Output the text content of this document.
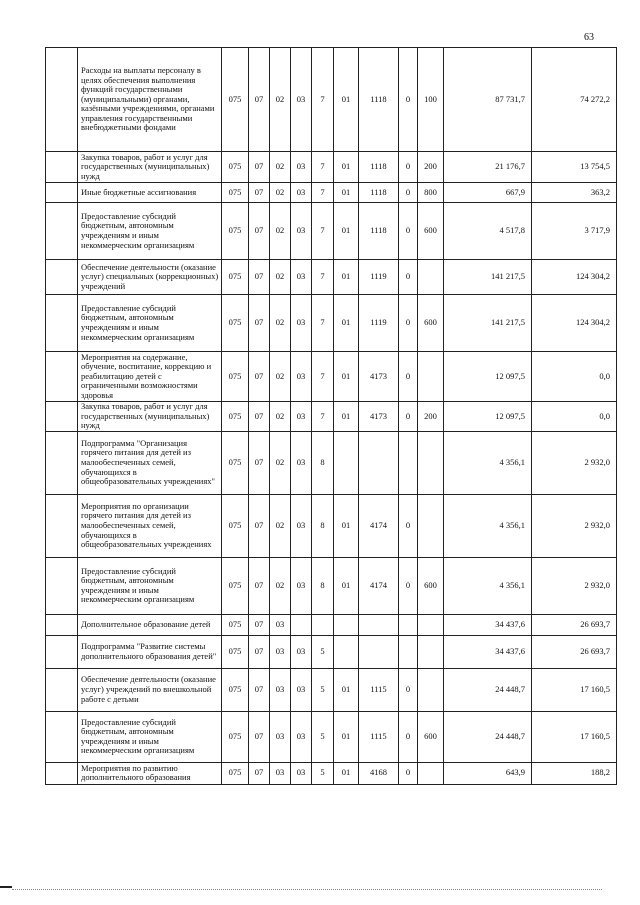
63
	Расходы на выплаты персоналу в целях обеспечения выполнения функций государственными (муниципальными) органами, казёнными учреждениями, органами управления государственными внебюджетными фондами	075	07	02	03	7	01	1118	0	100	87 731,7	74 272,2
	Закупка товаров, работ и услуг для государственных (муниципальных) нужд	075	07	02	03	7	01	1118	0	200	21 176,7	13 754,5
	Иные бюджетные ассигнования	075	07	02	03	7	01	1118	0	800	667,9	363,2
	Предоставление субсидий бюджетным, автономным учреждениям и иным некоммерческим организациям	075	07	02	03	7	01	1118	0	600	4 517,8	3 717,9
	Обеспечение деятельности (оказание услуг) специальных (коррекционных) учреждений	075	07	02	03	7	01	1119	0		141 217,5	124 304,2
	Предоставление субсидий бюджетным, автономным учреждениям и иным некоммерческим организациям	075	07	02	03	7	01	1119	0	600	141 217,5	124 304,2
	Мероприятия на содержание, обучение, воспитание, коррекцию и реабилитацию детей с ограниченными возможностями здоровья	075	07	02	03	7	01	4173	0		12 097,5	0,0
	Закупка товаров, работ и услуг для государственных (муниципальных) нужд	075	07	02	03	7	01	4173	0	200	12 097,5	0,0
	Подпрограмма "Организация горячего питания для детей из малообеспеченных семей, обучающихся в общеобразовательных учреждениях"	075	07	02	03	8					4 356,1	2 932,0
	Мероприятия по организации горячего питания для детей из малообеспеченных семей, обучающихся в общеобразовательных учреждениях	075	07	02	03	8	01	4174	0		4 356,1	2 932,0
	Предоставление субсидий бюджетным, автономным учреждениям и иным некоммерческим организациям	075	07	02	03	8	01	4174	0	600	4 356,1	2 932,0
	Дополнительное образование детей	075	07	03							34 437,6	26 693,7
	Подпрограмма "Развитие системы дополнительного образования детей"	075	07	03	03	5					34 437,6	26 693,7
	Обеспечение деятельности (оказание услуг) учреждений по внешкольной работе с детьми	075	07	03	03	5	01	1115	0		24 448,7	17 160,5
	Предоставление субсидий бюджетным, автономным учреждениям и иным некоммерческим организациям	075	07	03	03	5	01	1115	0	600	24 448,7	17 160,5
	Мероприятия по развитию дополнительного образования	075	07	03	03	5	01	4168	0		643,9	188,2
